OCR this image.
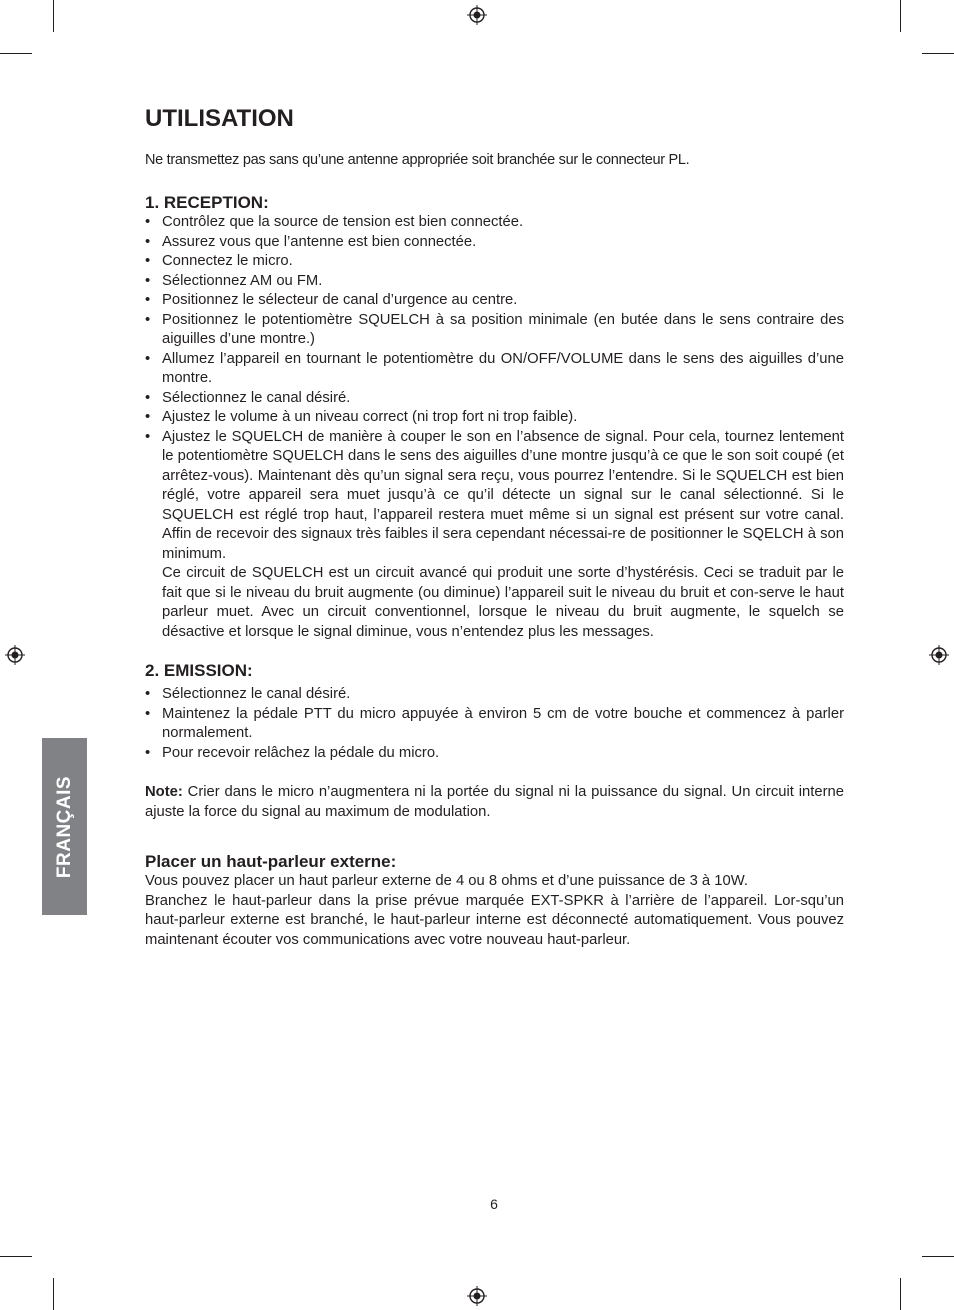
FRANÇAIS
UTILISATION

Ne transmettez pas sans qu’une antenne appropriée soit branchée sur le connecteur PL.

1. RECEPTION:
• Contrôlez que la source de tension est bien connectée.
• Assurez vous que l’antenne est bien connectée.
• Connectez le micro.
• Sélectionnez AM ou FM.
• Positionnez le sélecteur de canal d’urgence au centre.
• Positionnez le potentiomètre SQUELCH à sa position minimale (en butée dans le sens contraire des aiguilles d’une montre.)
• Allumez l’appareil en tournant le potentiomètre du ON/OFF/VOLUME dans le sens des aiguilles d’une montre.
• Sélectionnez le canal désiré.
• Ajustez le volume à un niveau correct (ni trop fort ni trop faible).
• Ajustez le SQUELCH de manière à couper le son en l’absence de signal. Pour cela, tournez lentement le potentiomètre SQUELCH dans le sens des aiguilles d’une montre jusqu’à ce que le son soit coupé (et arrêtez-vous). Maintenant dès qu’un signal sera reçu, vous pourrez l’entendre. Si le SQUELCH est bien réglé, votre appareil sera muet jusqu’à ce qu’il détecte un signal sur le canal sélectionné. Si le SQUELCH est réglé trop haut, l’appareil restera muet même si un signal est présent sur votre canal. Affin de recevoir des signaux très faibles il sera cependant nécessai-re de positionner le SQELCH à son minimum.
Ce circuit de SQUELCH est un circuit avancé qui produit une sorte d’hystérésis. Ceci se traduit par le fait que si le niveau du bruit augmente (ou diminue) l’appareil suit le niveau du bruit et con-serve le haut parleur muet. Avec un circuit conventionnel, lorsque le niveau du bruit augmente, le squelch se désactive et lorsque le signal diminue, vous n’entendez plus les messages.
2. EMISSION:
• Sélectionnez le canal désiré.
• Maintenez la pédale PTT du micro appuyée à environ 5 cm de votre bouche et commencez à parler normalement.
• Pour recevoir relâchez la pédale du micro.

Note: Crier dans le micro n’augmentera ni la portée du signal ni la puissance du signal. Un circuit interne ajuste la force du signal au maximum de modulation.

Placer un haut-parleur externe:

Vous pouvez placer un haut parleur externe de 4 ou 8 ohms et d’une puissance de 3 à 10W.

Branchez le haut-parleur dans la prise prévue marquée EXT-SPKR à l’arrière de l’appareil. Lor-squ’un haut-parleur externe est branché, le haut-parleur interne est déconnecté automatiquement. Vous pouvez maintenant écouter vos communications avec votre nouveau haut-parleur.

6
